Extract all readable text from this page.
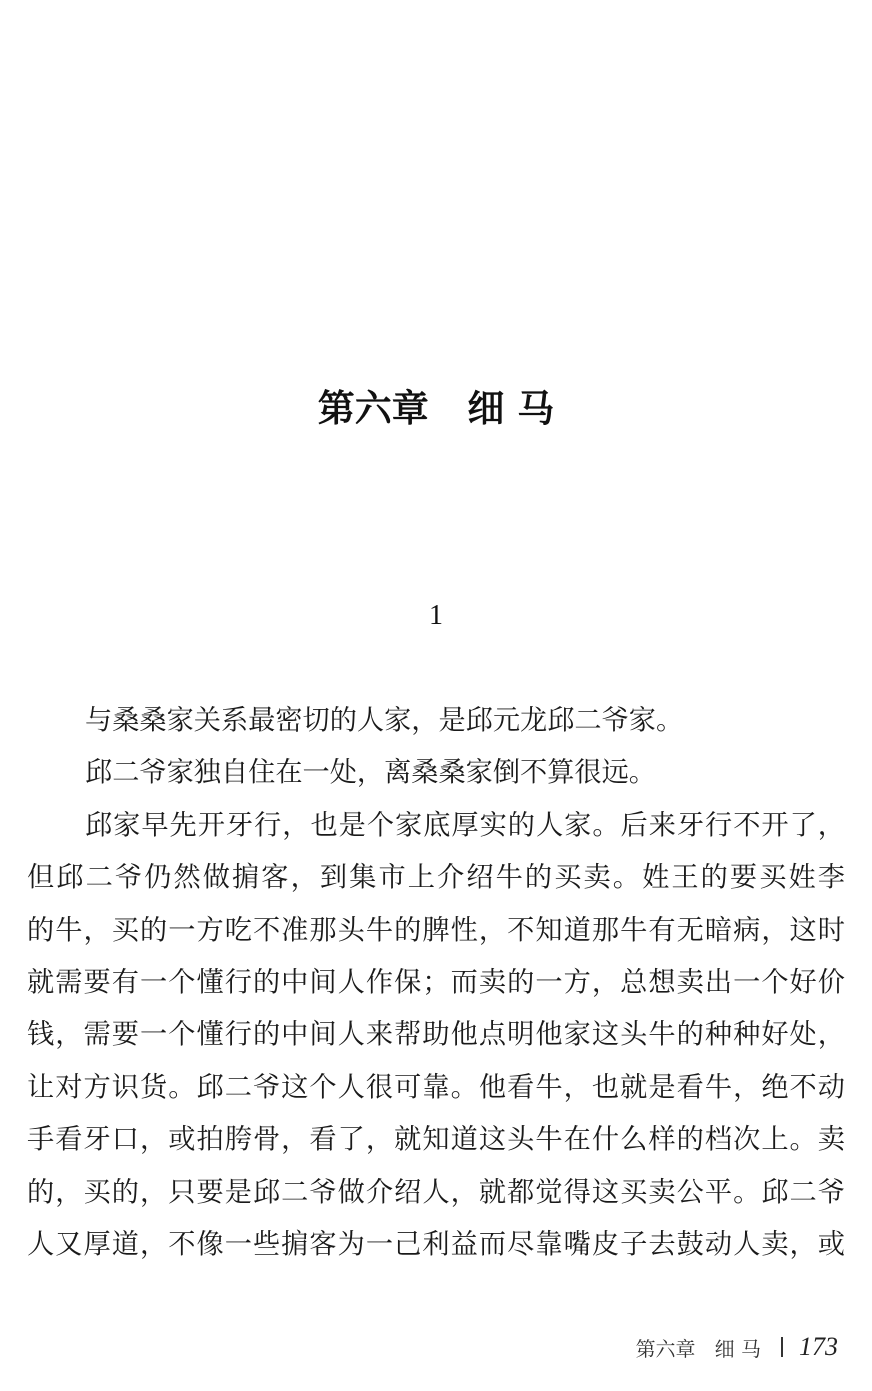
第六章   细 马
1
与桑桑家关系最密切的人家，是邱元龙邱二爷家。
邱二爷家独自住在一处，离桑桑家倒不算很远。
邱家早先开牙行，也是个家底厚实的人家。后来牙行不开了，
但邱二爷仍然做掮客，到集市上介绍牛的买卖。姓王的要买姓李
的牛，买的一方吃不准那头牛的脾性，不知道那牛有无暗病，这时
就需要有一个懂行的中间人作保；而卖的一方，总想卖出一个好价
钱，需要一个懂行的中间人来帮助他点明他家这头牛的种种好处，
让对方识货。邱二爷这个人很可靠。他看牛，也就是看牛，绝不动
手看牙口，或拍胯骨，看了，就知道这头牛在什么样的档次上。卖
的，买的，只要是邱二爷做介绍人，就都觉得这买卖公平。邱二爷
人又厚道，不像一些掮客为一己利益而尽靠嘴皮子去鼓动人卖，或
第六章   细 马 173
